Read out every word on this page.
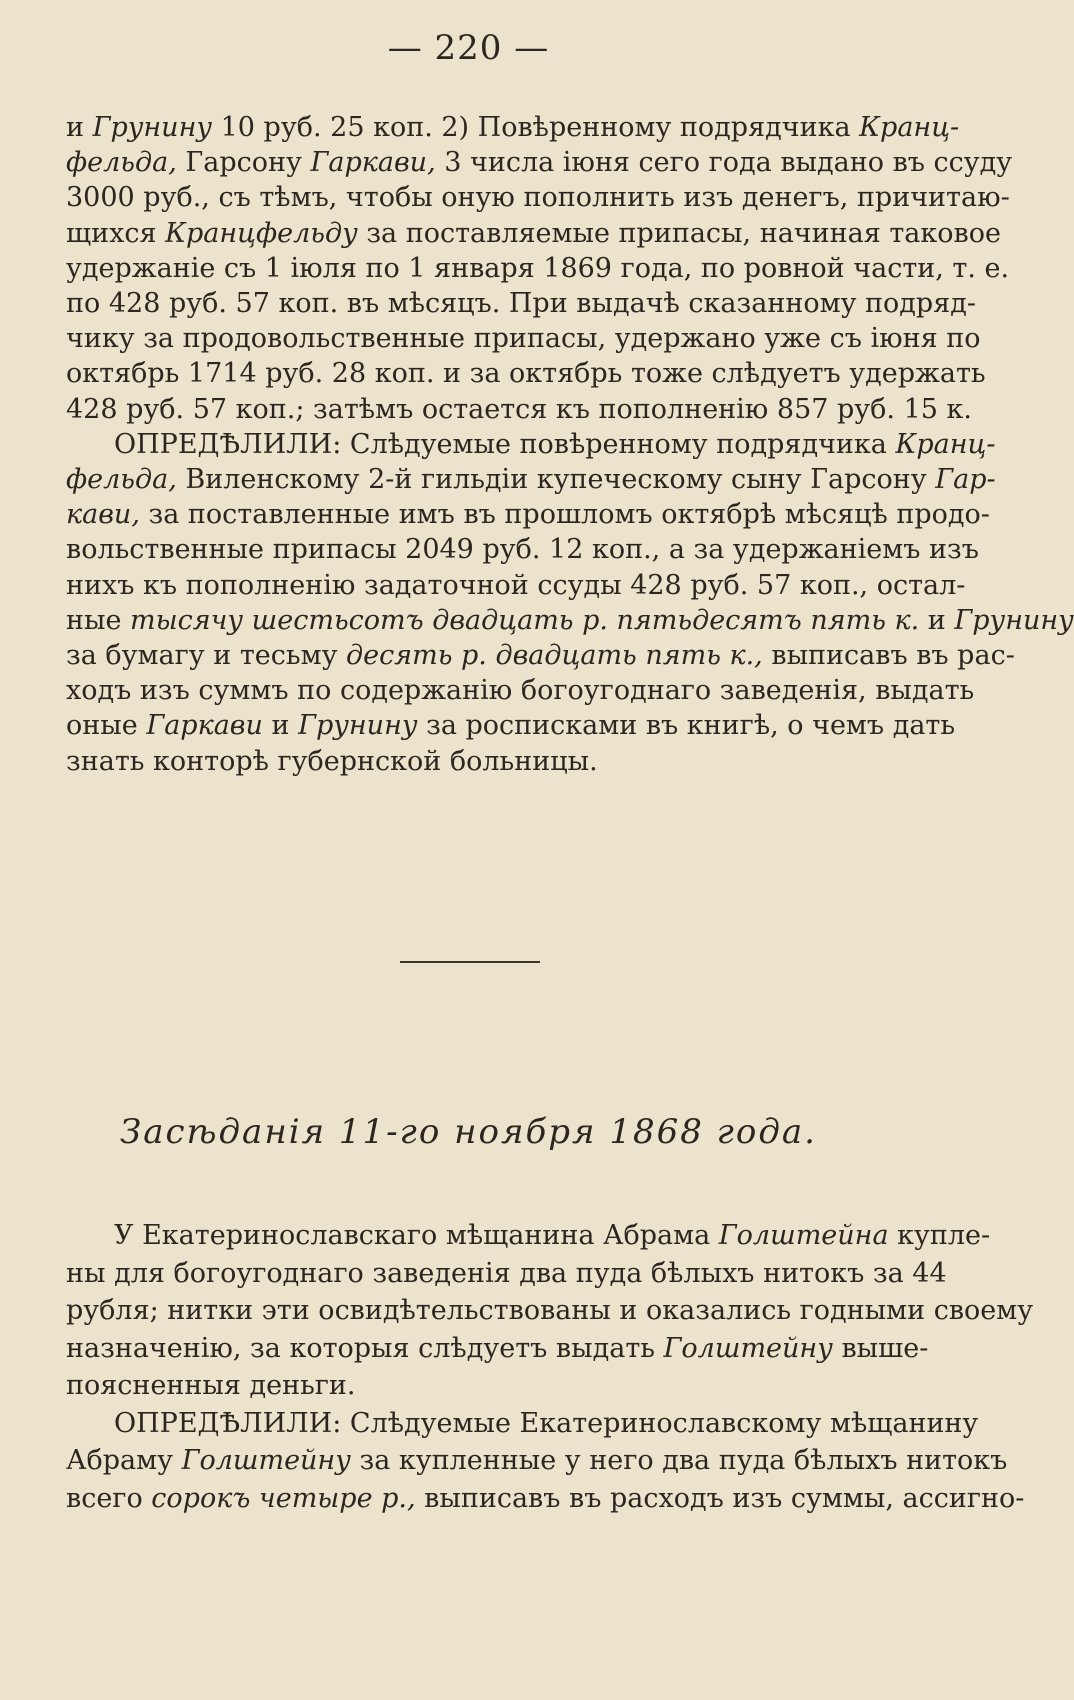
— 220 —
и Грунину 10 руб. 25 коп. 2) Повѣренному подрядчика Кранц-
фельда, Гарсону Гаркави, 3 числа іюня сего года выдано въ ссуду
3000 руб., съ тѣмъ, чтобы оную пополнить изъ денегъ, причитаю-
щихся Кранцфельду за поставляемые припасы, начиная таковое
удержаніе съ 1 іюля по 1 января 1869 года, по ровной части, т. е.
по 428 руб. 57 коп. въ мѣсяцъ. При выдачѣ сказанному подряд-
чику за продовольственные припасы, удержано уже съ іюня по
октябрь 1714 руб. 28 коп. и за октябрь тоже слѣдуетъ удержать
428 руб. 57 коп.; затѣмъ остается къ пополненію 857 руб. 15 к.
ОПРЕДѢЛИЛИ: Слѣдуемые повѣренному подрядчика Кранц-
фельда, Виленскому 2-й гильдіи купеческому сыну Гарсону Гар-
кави, за поставленные имъ въ прошломъ октябрѣ мѣсяцѣ продо-
вольственные припасы 2049 руб. 12 коп., а за удержаніемъ изъ
нихъ къ пополненію задаточной ссуды 428 руб. 57 коп., остал-
ные тысячу шестьсотъ двадцать р. пятьдесятъ пять к. и Грунину
за бумагу и тесьму десять р. двадцать пять к., выписавъ въ рас-
ходъ изъ суммъ по содержанію богоугоднаго заведенія, выдать
оные Гаркави и Грунину за росписками въ книгѣ, о чемъ дать
знать конторѣ губернской больницы.
Засѣданія 11-го ноября 1868 года.
У Екатеринославскаго мѣщанина Абрама Голштейна купле-
ны для богоугоднаго заведенія два пуда бѣлыхъ нитокъ за 44
рубля; нитки эти освидѣтельствованы и оказались годными своему
назначенію, за которыя слѣдуетъ выдать Голштейну выше-
поясненныя деньги.
ОПРЕДѢЛИЛИ: Слѣдуемые Екатеринославскому мѣщанину
Абраму Голштейну за купленные у него два пуда бѣлыхъ нитокъ
всего сорокъ четыре р., выписавъ въ расходъ изъ суммы, ассигно-
